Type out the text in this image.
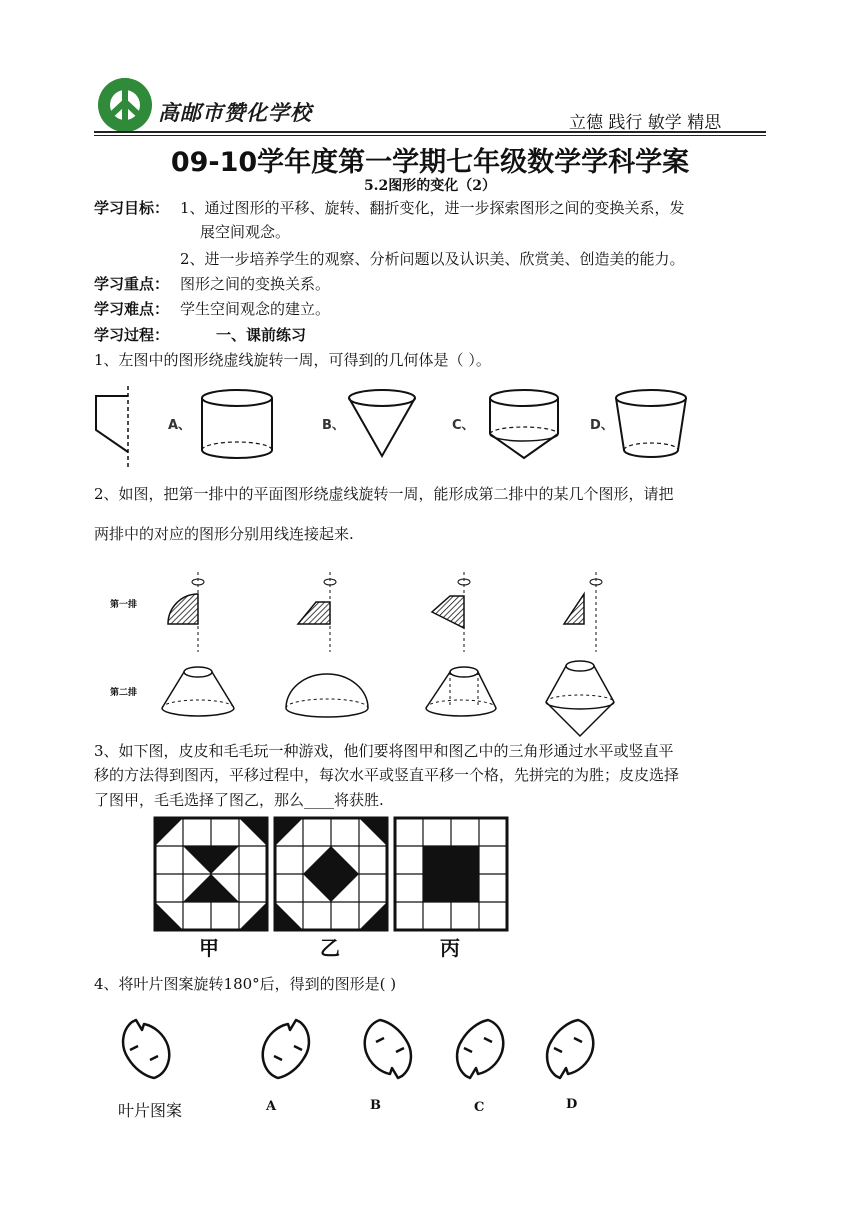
高邮市赞化学校	立德 践行 敏学 精思
09-10学年度第一学期七年级数学学科学案
5.2图形的变化（2）
学习目标： 1、通过图形的平移、旋转、翻折变化，进一步探索图形之间的变换关系，发
展空间观念。
2、进一步培养学生的观察、分析问题以及认识美、欣赏美、创造美的能力。
学习重点： 图形之间的变换关系。
学习难点： 学生空间观念的建立。
学习过程：	一、课前练习
1、左图中的图形绕虚线旋转一周，可得到的几何体是（ ）。
A、	B、	C、	D、
2、如图，把第一排中的平面图形绕虚线旋转一周，能形成第二排中的某几个图形，请把
两排中的对应的图形分别用线连接起来.
第一排
第二排
3、如下图，皮皮和毛毛玩一种游戏，他们要将图甲和图乙中的三角形通过水平或竖直平
移的方法得到图丙，平移过程中，每次水平或竖直平移一个格，先拼完的为胜；皮皮选择
了图甲，毛毛选择了图乙，那么____将获胜.
甲	乙	丙
4、将叶片图案旋转180°后，得到的图形是( )
叶片图案	A	B	C	D
